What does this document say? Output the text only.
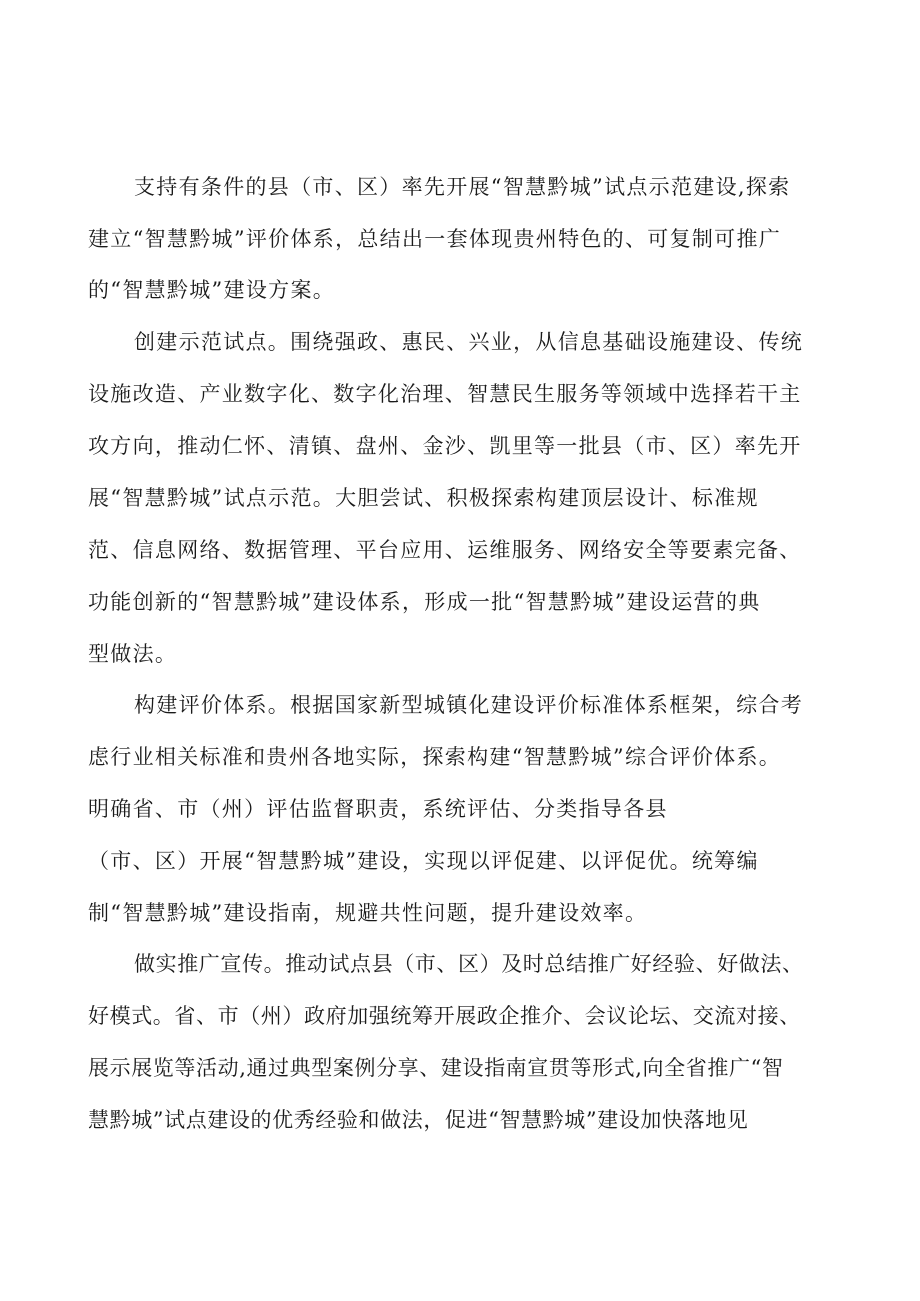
支持有条件的县（市、区）率先开展“智慧黔城”试点示范建设,探索
建立“智慧黔城”评价体系，总结出一套体现贵州特色的、可复制可推广
的“智慧黔城”建设方案。
创建示范试点。围绕强政、惠民、兴业，从信息基础设施建设、传统
设施改造、产业数字化、数字化治理、智慧民生服务等领域中选择若干主
攻方向，推动仁怀、清镇、盘州、金沙、凯里等一批县（市、区）率先开
展“智慧黔城”试点示范。大胆尝试、积极探索构建顶层设计、标准规
范、信息网络、数据管理、平台应用、运维服务、网络安全等要素完备、
功能创新的“智慧黔城”建设体系，形成一批“智慧黔城”建设运营的典
型做法。
构建评价体系。根据国家新型城镇化建设评价标准体系框架，综合考
虑行业相关标准和贵州各地实际，探索构建“智慧黔城”综合评价体系。
明确省、市（州）评估监督职责，系统评估、分类指导各县
（市、区）开展“智慧黔城”建设，实现以评促建、以评促优。统筹编
制“智慧黔城”建设指南，规避共性问题，提升建设效率。
做实推广宣传。推动试点县（市、区）及时总结推广好经验、好做法、
好模式。省、市（州）政府加强统筹开展政企推介、会议论坛、交流对接、
展示展览等活动,通过典型案例分享、建设指南宣贯等形式,向全省推广“智
慧黔城”试点建设的优秀经验和做法，促进“智慧黔城”建设加快落地见
